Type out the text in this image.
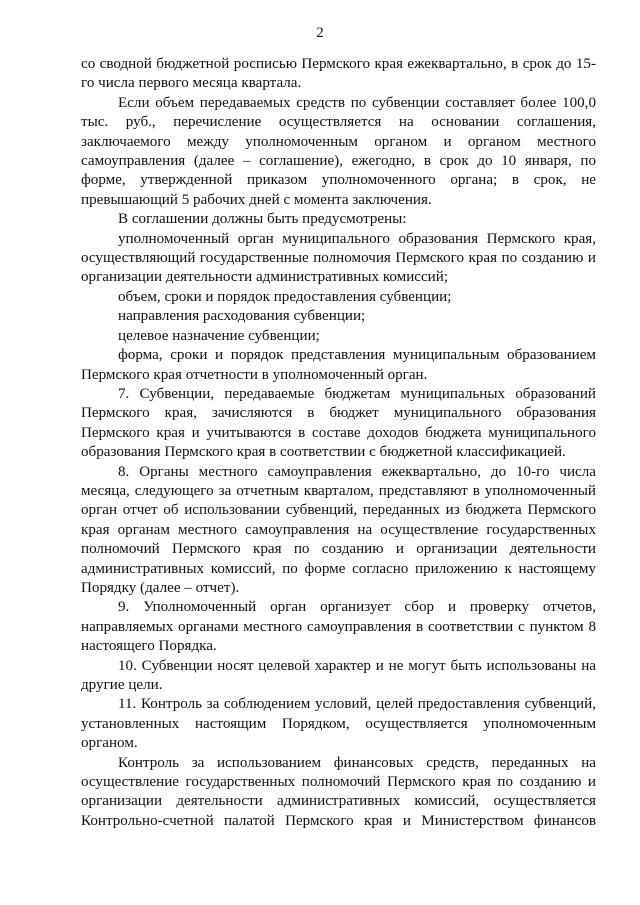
2

со сводной бюджетной росписью Пермского края ежеквартально, в срок до 15-го числа первого месяца квартала.

Если объем передаваемых средств по субвенции составляет более 100,0 тыс. руб., перечисление осуществляется на основании соглашения, заключаемого между уполномоченным органом и органом местного самоуправления (далее – соглашение), ежегодно, в срок до 10 января, по форме, утвержденной приказом уполномоченного органа; в срок, не превышающий 5 рабочих дней с момента заключения.

В соглашении должны быть предусмотрены:

уполномоченный орган муниципального образования Пермского края, осуществляющий государственные полномочия Пермского края по созданию и организации деятельности административных комиссий;

объем, сроки и порядок предоставления субвенции;

направления расходования субвенции;

целевое назначение субвенции;

форма, сроки и порядок представления муниципальным образованием Пермского края отчетности в уполномоченный орган.

7. Субвенции, передаваемые бюджетам муниципальных образований Пермского края, зачисляются в бюджет муниципального образования Пермского края и учитываются в составе доходов бюджета муниципального образования Пермского края в соответствии с бюджетной классификацией.

8. Органы местного самоуправления ежеквартально, до 10-го числа месяца, следующего за отчетным кварталом, представляют в уполномоченный орган отчет об использовании субвенций, переданных из бюджета Пермского края органам местного самоуправления на осуществление государственных полномочий Пермского края по созданию и организации деятельности административных комиссий, по форме согласно приложению к настоящему Порядку (далее – отчет).

9. Уполномоченный орган организует сбор и проверку отчетов, направляемых органами местного самоуправления в соответствии с пунктом 8 настоящего Порядка.

10. Субвенции носят целевой характер и не могут быть использованы на другие цели.

11. Контроль за соблюдением условий, целей предоставления субвенций, установленных настоящим Порядком, осуществляется уполномоченным органом.

Контроль за использованием финансовых средств, переданных на осуществление государственных полномочий Пермского края по созданию и организации деятельности административных комиссий, осуществляется Контрольно-счетной палатой Пермского края и Министерством финансов
